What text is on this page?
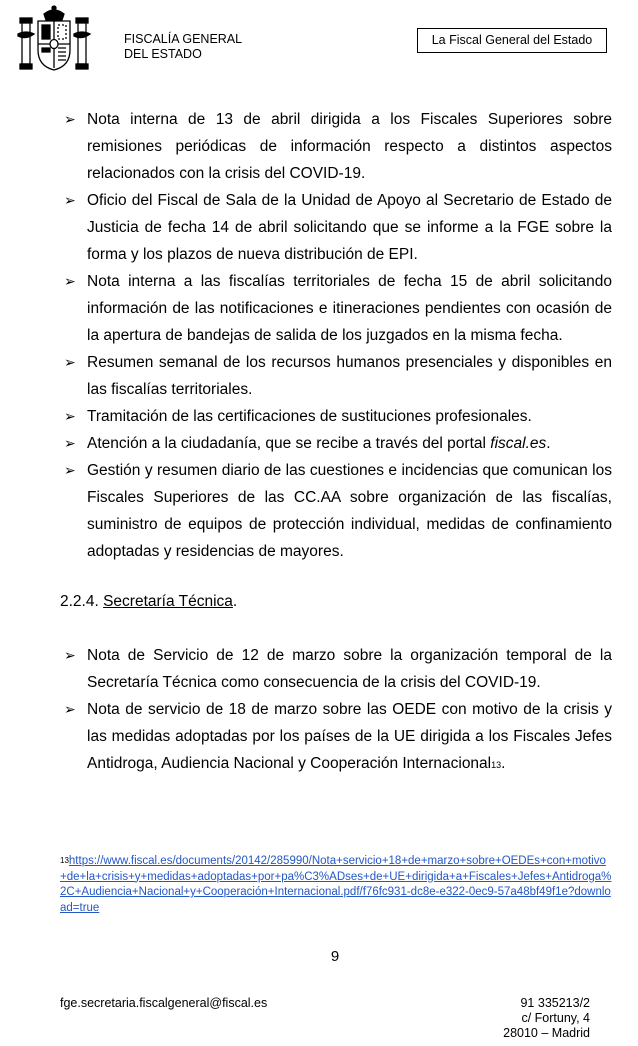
FISCALÍA GENERAL
DEL ESTADO
La Fiscal General del Estado
➢ Nota interna de 13 de abril dirigida a los Fiscales Superiores sobre remisiones periódicas de información respecto a distintos aspectos relacionados con la crisis del COVID-19.
➢ Oficio del Fiscal de Sala de la Unidad de Apoyo al Secretario de Estado de Justicia de fecha 14 de abril solicitando que se informe a la FGE sobre la forma y los plazos de nueva distribución de EPI.
➢ Nota interna a las fiscalías territoriales de fecha 15 de abril solicitando información de las notificaciones e itineraciones pendientes con ocasión de la apertura de bandejas de salida de los juzgados en la misma fecha.
➢ Resumen semanal de los recursos humanos presenciales y disponibles en las fiscalías territoriales.
➢ Tramitación de las certificaciones de sustituciones profesionales.
➢ Atención a la ciudadanía, que se recibe a través del portal fiscal.es.
➢ Gestión y resumen diario de las cuestiones e incidencias que comunican los Fiscales Superiores de las CC.AA sobre organización de las fiscalías, suministro de equipos de protección individual, medidas de confinamiento adoptadas y residencias de mayores.
2.2.4. Secretaría Técnica.
➢ Nota de Servicio de 12 de marzo sobre la organización temporal de la Secretaría Técnica como consecuencia de la crisis del COVID-19.
➢ Nota de servicio de 18 de marzo sobre las OEDE con motivo de la crisis y las medidas adoptadas por los países de la UE dirigida a los Fiscales Jefes Antidroga, Audiencia Nacional y Cooperación Internacional13.
$^{13}$https://www.fiscal.es/documents/20142/285990/Nota+servicio+18+de+marzo+sobre+OEDEs+con+motivo+de+la+crisis+y+medidas+adoptadas+por+pa%C3%ADses+de+UE+dirigida+a+Fiscales+Jefes+Antidroga%2C+Audiencia+Nacional+y+Cooperación+Internacional.pdf/f76fc931-dc8e-e322-0ec9-57a48bf49f1e?download=true
9
fge.secretaria.fiscalgeneral@fiscal.es	91 335213/2
c/ Fortuny, 4
28010 – Madrid
